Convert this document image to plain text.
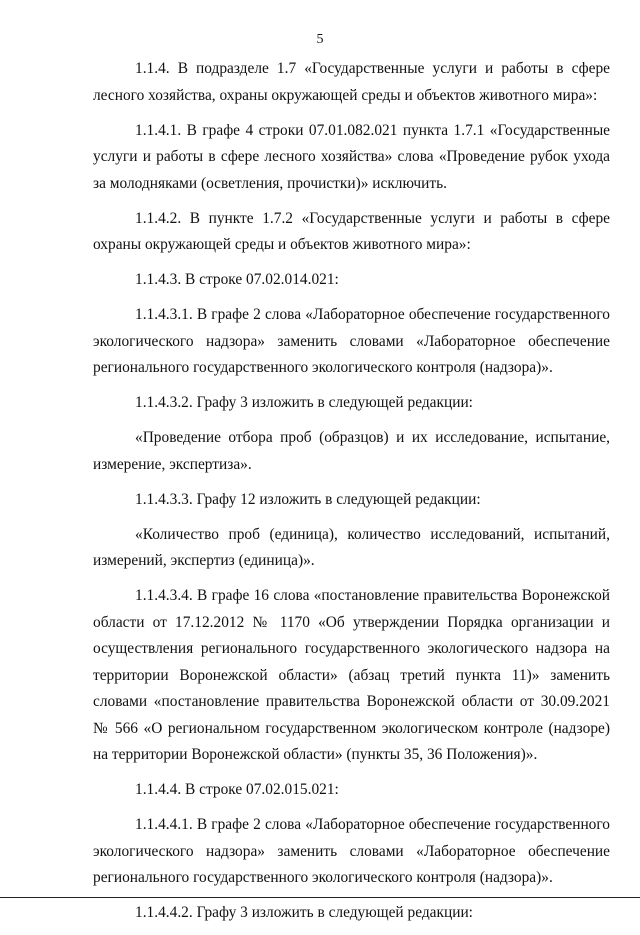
5

1.1.4. В подразделе 1.7 «Государственные услуги и работы в сфере лесного хозяйства, охраны окружающей среды и объектов животного мира»:

1.1.4.1. В графе 4 строки 07.01.082.021 пункта 1.7.1 «Государственные услуги и работы в сфере лесного хозяйства» слова «Проведение рубок ухода за молодняками (осветления, прочистки)» исключить.

1.1.4.2. В пункте 1.7.2 «Государственные услуги и работы в сфере охраны окружающей среды и объектов животного мира»:

1.1.4.3. В строке 07.02.014.021:

1.1.4.3.1. В графе 2 слова «Лабораторное обеспечение государственного экологического надзора» заменить словами «Лабораторное обеспечение регионального государственного экологического контроля (надзора)».

1.1.4.3.2. Графу 3 изложить в следующей редакции:

«Проведение отбора проб (образцов) и их исследование, испытание, измерение, экспертиза».

1.1.4.3.3. Графу 12 изложить в следующей редакции:

«Количество проб (единица), количество исследований, испытаний, измерений, экспертиз (единица)».

1.1.4.3.4. В графе 16 слова «постановление правительства Воронежской области от 17.12.2012 № 1170 «Об утверждении Порядка организации и осуществления регионального государственного экологического надзора на территории Воронежской области» (абзац третий пункта 11)» заменить словами «постановление правительства Воронежской области от 30.09.2021 № 566 «О региональном государственном экологическом контроле (надзоре) на территории Воронежской области» (пункты 35, 36 Положения)».

1.1.4.4. В строке 07.02.015.021:

1.1.4.4.1. В графе 2 слова «Лабораторное обеспечение государственного экологического надзора» заменить словами «Лабораторное обеспечение регионального государственного экологического контроля (надзора)».

1.1.4.4.2. Графу 3 изложить в следующей редакции:
